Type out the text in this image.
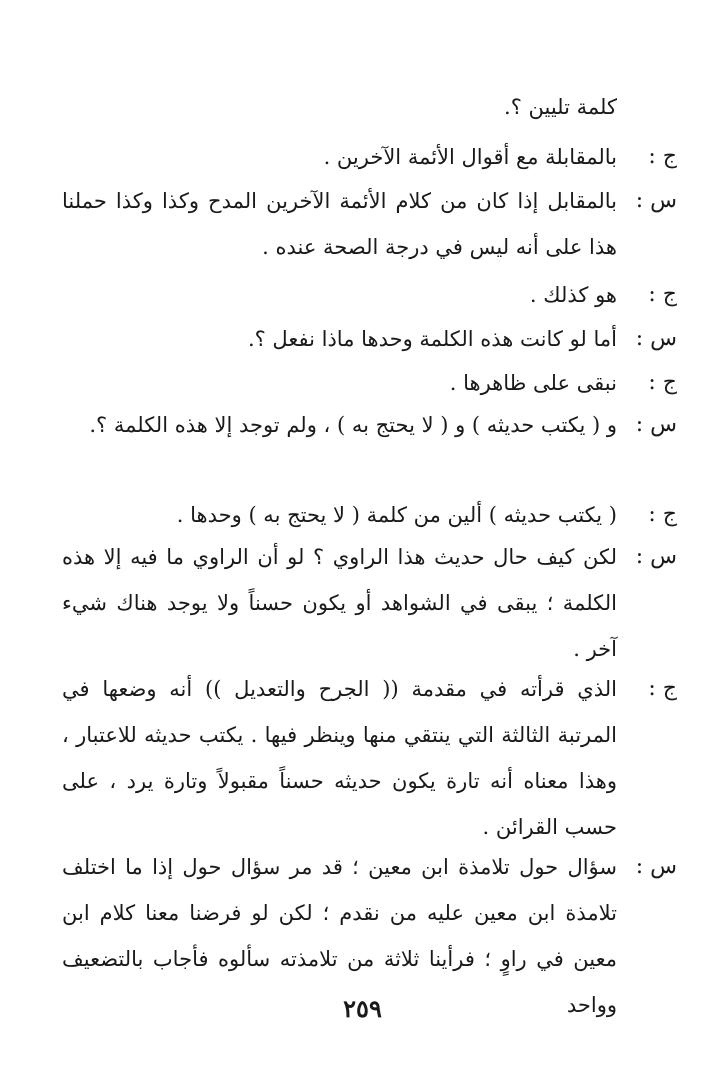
كلمة تليين ؟.
ج :
بالمقابلة مع أقوال الأئمة الآخرين .
س :
بالمقابل إذا كان من كلام الأئمة الآخرين المدح وكذا وكذا حملنا هذا على أنه ليس في درجة الصحة عنده .
ج :
هو كذلك .
س :
أما لو كانت هذه الكلمة وحدها ماذا نفعل ؟.
ج :
نبقى على ظاهرها .
س :
و ( يكتب حديثه ) و ( لا يحتج به ) ، ولم توجد إلا هذه الكلمة ؟.
ج :
( يكتب حديثه ) ألين من كلمة ( لا يحتج به ) وحدها .
س :
لكن كيف حال حديث هذا الراوي ؟ لو أن الراوي ما فيه إلا هذه الكلمة ؛ يبقى في الشواهد أو يكون حسناً ولا يوجد هناك شيء آخر .
ج :
الذي قرأته في مقدمة (( الجرح والتعديل )) أنه وضعها في المرتبة الثالثة التي ينتقي منها وينظر فيها . يكتب حديثه للاعتبار ، وهذا معناه أنه تارة يكون حديثه حسناً مقبولاً وتارة يرد ، على حسب القرائن .
س :
سؤال حول تلامذة ابن معين ؛ قد مر سؤال حول إذا ما اختلف تلامذة ابن معين عليه من نقدم ؛ لكن لو فرضنا معنا كلام ابن معين في راوٍ ؛ فرأينا ثلاثة من تلامذته سألوه فأجاب بالتضعيف وواحد
٢٥٩
